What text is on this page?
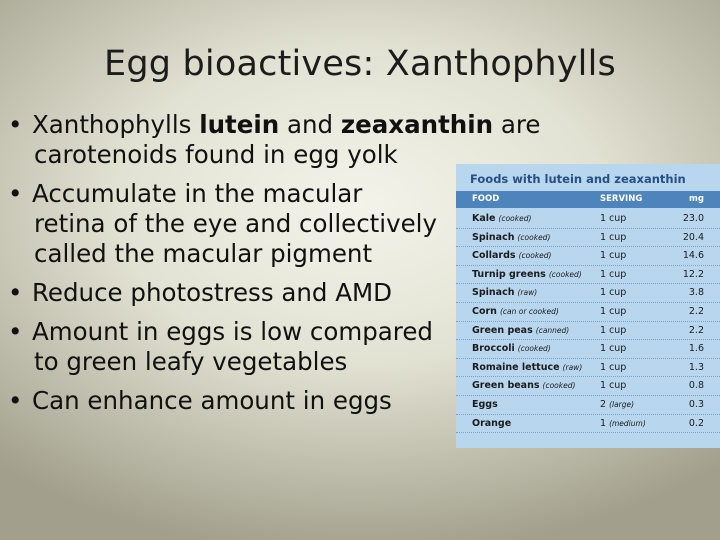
Egg bioactives: Xanthophylls
• Xanthophylls lutein and zeaxanthin are
carotenoids found in egg yolk
• Accumulate in the macular
retina of the eye and collectively
called the macular pigment
• Reduce photostress and AMD
• Amount in eggs is low compared
to green leafy vegetables
• Can enhance amount in eggs
Foods with lutein and zeaxanthin
FOOD	SERVING	mg
Kale (cooked)	1 cup	23.0
Spinach (cooked)	1 cup	20.4
Collards (cooked)	1 cup	14.6
Turnip greens (cooked)	1 cup	12.2
Spinach (raw)	1 cup	3.8
Corn (can or cooked)	1 cup	2.2
Green peas (canned)	1 cup	2.2
Broccoli (cooked)	1 cup	1.6
Romaine lettuce (raw)	1 cup	1.3
Green beans (cooked)	1 cup	0.8
Eggs	2 (large)	0.3
Orange	1 (medium)	0.2
